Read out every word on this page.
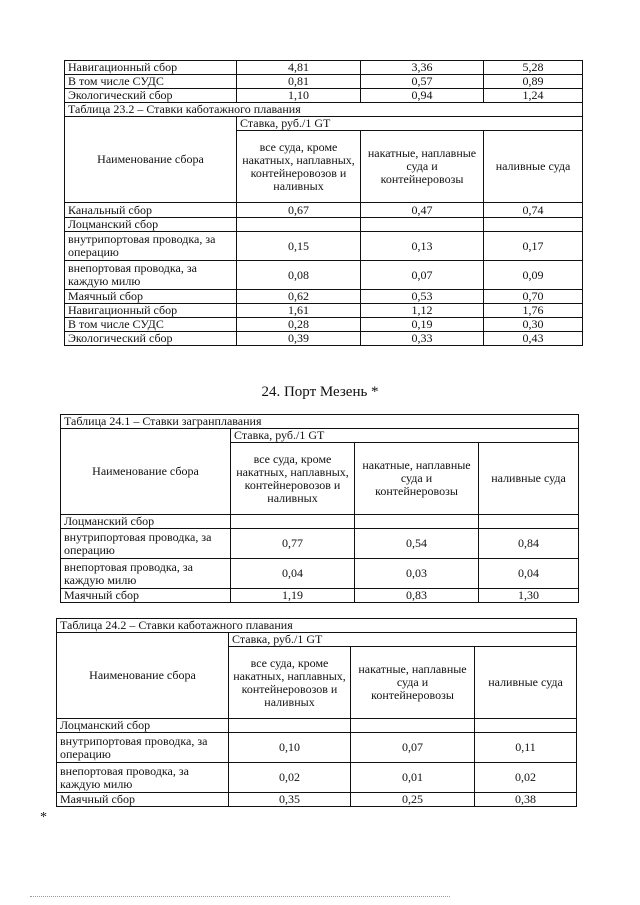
Навигационный сбор	4,81	3,36	5,28
В том числе СУДС	0,81	0,57	0,89
Экологический сбор	1,10	0,94	1,24
Таблица 23.2 – Ставки каботажного плавания			
Наименование сбора	Ставка, руб./1 GT		
	все суда, кроме накатных, наплавных, контейнеровозов и наливных	накатные, наплавные суда и контейнеровозы	наливные суда
Канальный сбор	0,67	0,47	0,74
Лоцманский сбор			
внутрипортовая проводка, за операцию	0,15	0,13	0,17
внепортовая проводка, за каждую милю	0,08	0,07	0,09
Маячный сбор	0,62	0,53	0,70
Навигационный сбор	1,61	1,12	1,76
В том числе СУДС	0,28	0,19	0,30
Экологический сбор	0,39	0,33	0,43
24. Порт Мезень *
Таблица 24.1 – Ставки загранплавания			
Наименование сбора	Ставка, руб./1 GT		
	все суда, кроме накатных, наплавных, контейнеровозов и наливных	накатные, наплавные суда и контейнеровозы	наливные суда
Лоцманский сбор			
внутрипортовая проводка, за операцию	0,77	0,54	0,84
внепортовая проводка, за каждую милю	0,04	0,03	0,04
Маячный сбор	1,19	0,83	1,30
Таблица 24.2 – Ставки каботажного плавания			
Наименование сбора	Ставка, руб./1 GT		
	все суда, кроме накатных, наплавных, контейнеровозов и наливных	накатные, наплавные суда и контейнеровозы	наливные суда
Лоцманский сбор			
внутрипортовая проводка, за операцию	0,10	0,07	0,11
внепортовая проводка, за каждую милю	0,02	0,01	0,02
Маячный сбор	0,35	0,25	0,38
*
